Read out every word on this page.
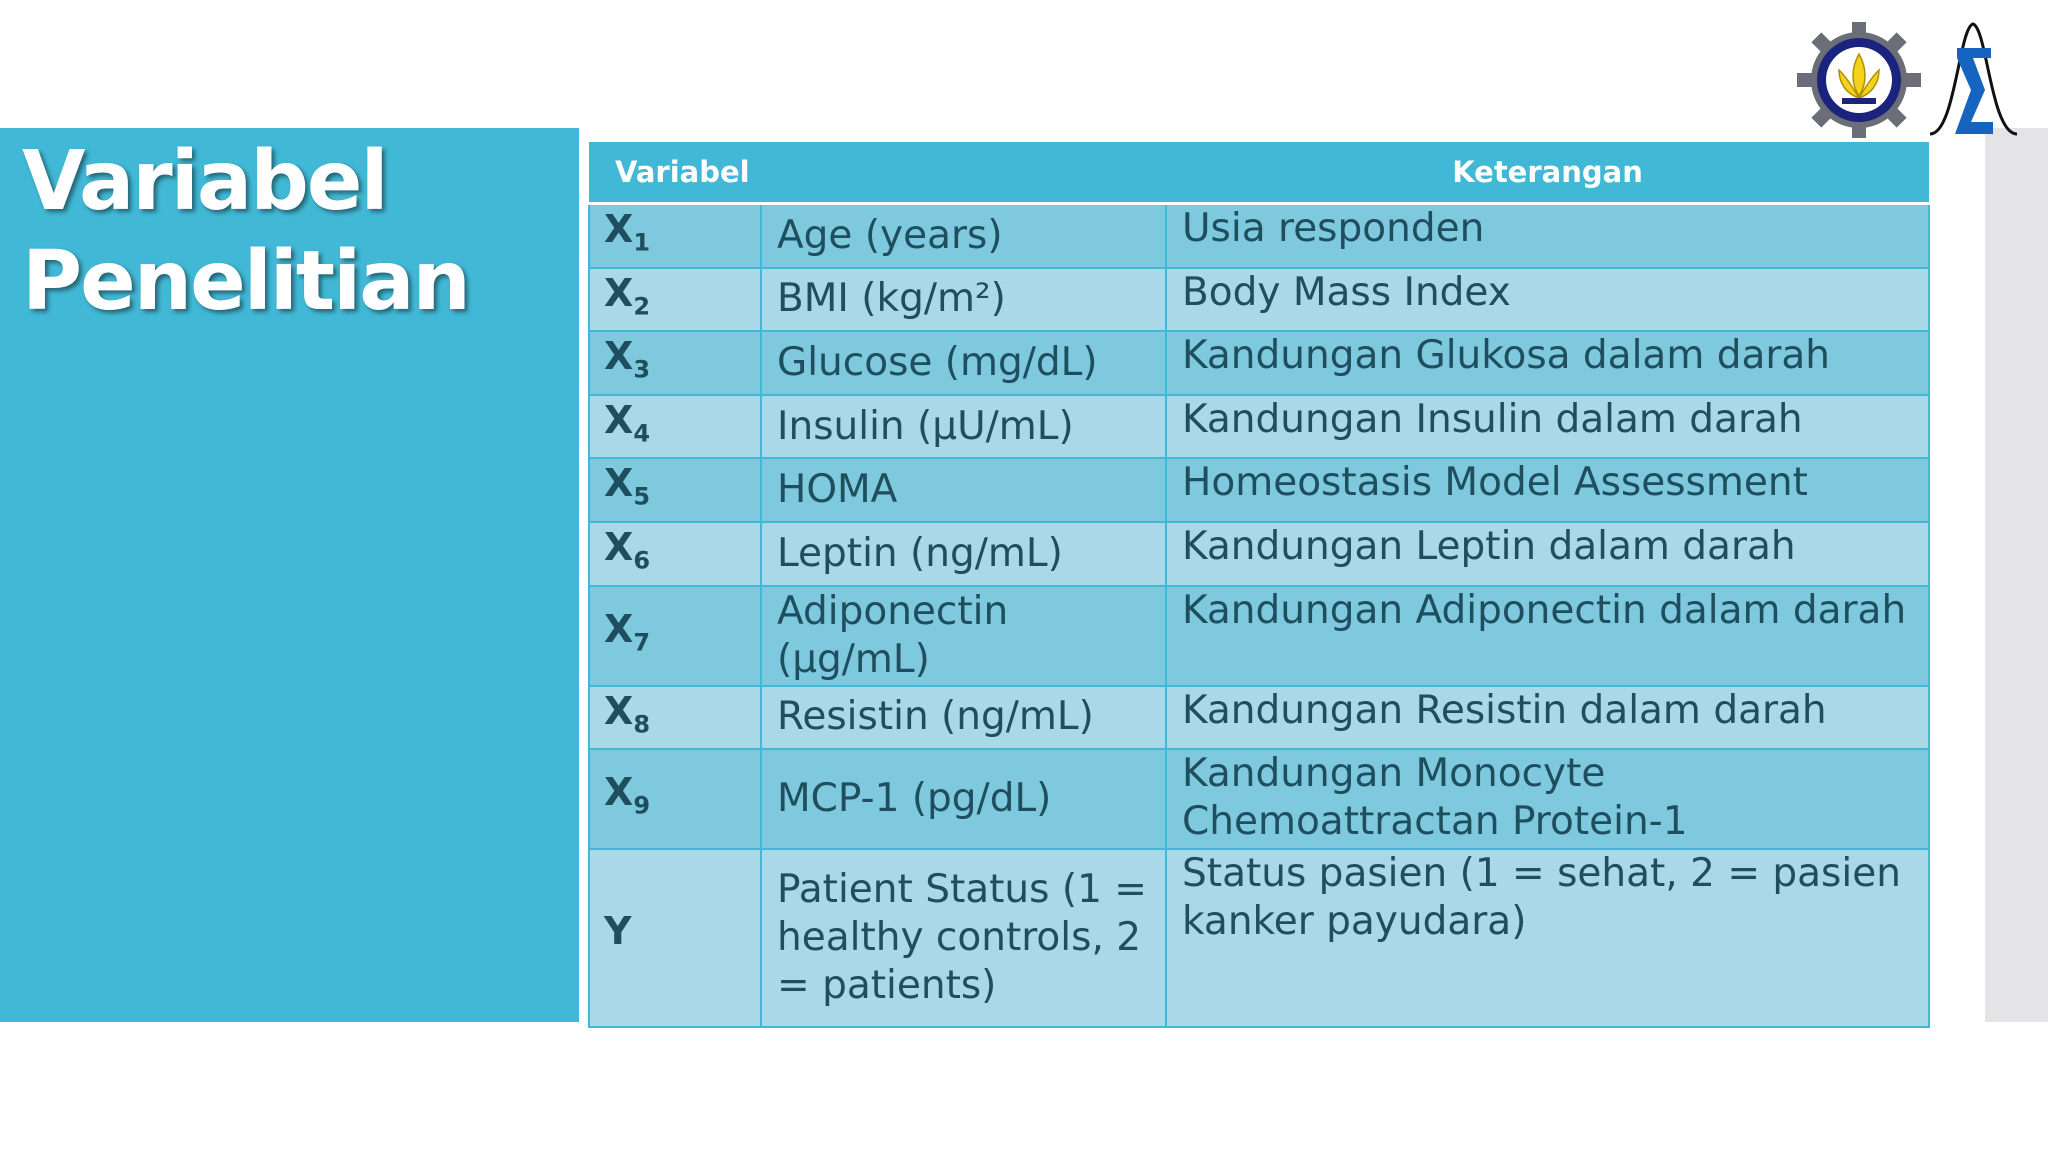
Variabel
Penelitian
Variabel		Keterangan
$X_1$	Age (years)	Usia responden
$X_2$	BMI (kg/m²)	Body Mass Index
$X_3$	Glucose (mg/dL)	Kandungan Glukosa dalam darah
$X_4$	Insulin (µU/mL)	Kandungan Insulin dalam darah
$X_5$	HOMA	Homeostasis Model Assessment
$X_6$	Leptin (ng/mL)	Kandungan Leptin dalam darah
$X_7$	Adiponectin (µg/mL)	Kandungan Adiponectin dalam darah
$X_8$	Resistin (ng/mL)	Kandungan Resistin dalam darah
$X_9$	MCP-1 (pg/dL)	Kandungan Monocyte Chemoattractan Protein-1
Y	Patient Status (1 = healthy controls, 2 = patients)	Status pasien (1 = sehat, 2 = pasien kanker payudara)
